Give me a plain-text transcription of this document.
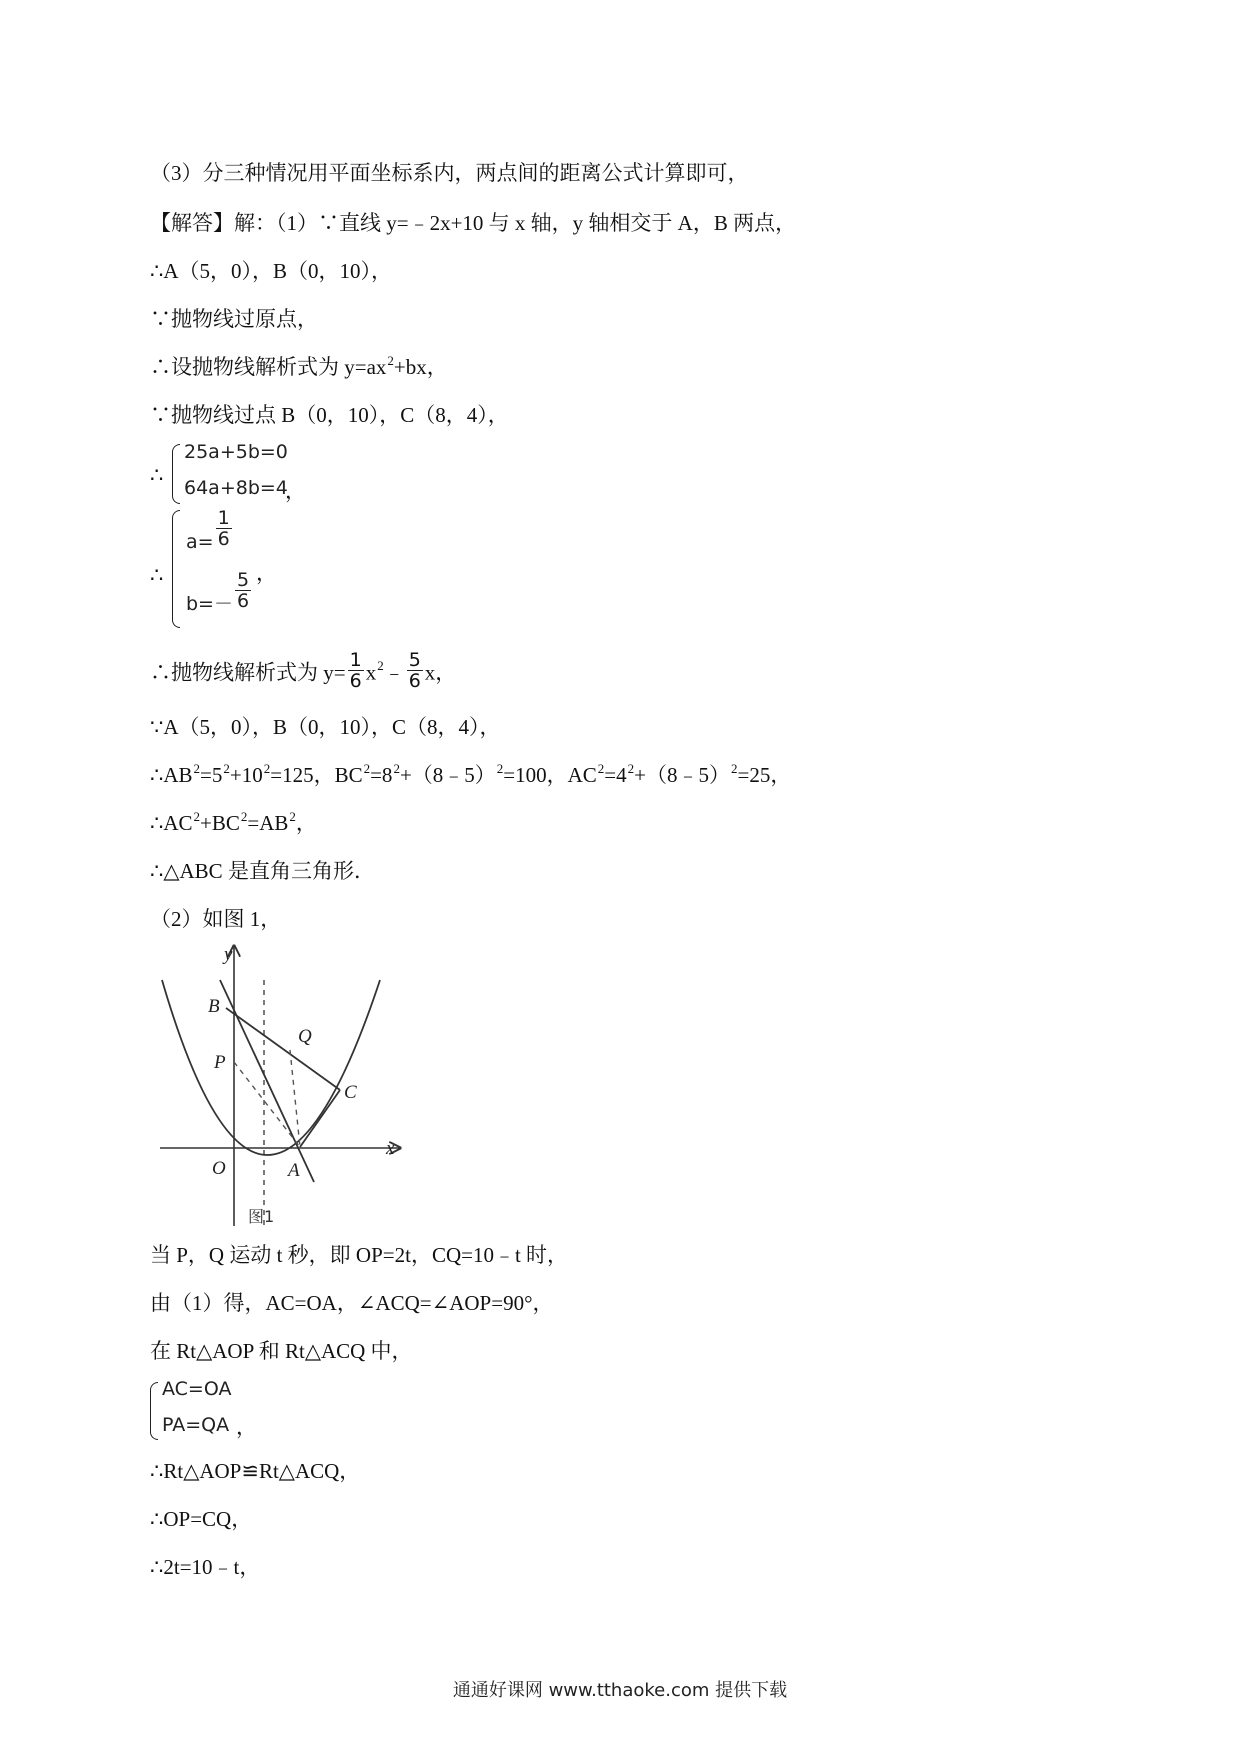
（3）分三种情况用平面坐标系内，两点间的距离公式计算即可，
【解答】解：（1）∵直线 y=﹣2x+10 与 x 轴，y 轴相交于 A，B 两点，
∴A（5，0），B（0，10），
∵抛物线过原点，
∴设抛物线解析式为 $y=ax^2+bx$，
∵抛物线过点 B（0，10），C（8，4），
∴
25a+5b=0
64a+8b=4
，
∴
$a= \frac{1}{6}$
$b=- \frac{5}{6}$ ，
∴抛物线解析式为 $y= \frac{1}{6}$ $x^2﹣ \frac{5}{6}$ x，
∵A（5，0），B（0，10），C（8，4），
$\therefore AB^2=5^2+10^2=125$，$BC^2=8^2+(8﹣5)^2=100$，$AC^2=4^2+(8﹣5)^2=25$，
$\therefore AC^2+BC^2=AB^2$，
∴△ABC 是直角三角形．
（2）如图 1，
y
x
B
Q
P
C
O	A
图1
当 P，Q 运动 t 秒，即 OP=2t，CQ=10﹣t 时，
由（1）得，AC=OA，∠ACQ=∠AOP=90°，
在 Rt△AOP 和 Rt△ACQ 中，
AC=OA
PA=QA ，
∴Rt△AOP≌Rt△ACQ，
∴OP=CQ，
∴2t=10﹣t，
通通好课网 www.tthaoke.com 提供下载
